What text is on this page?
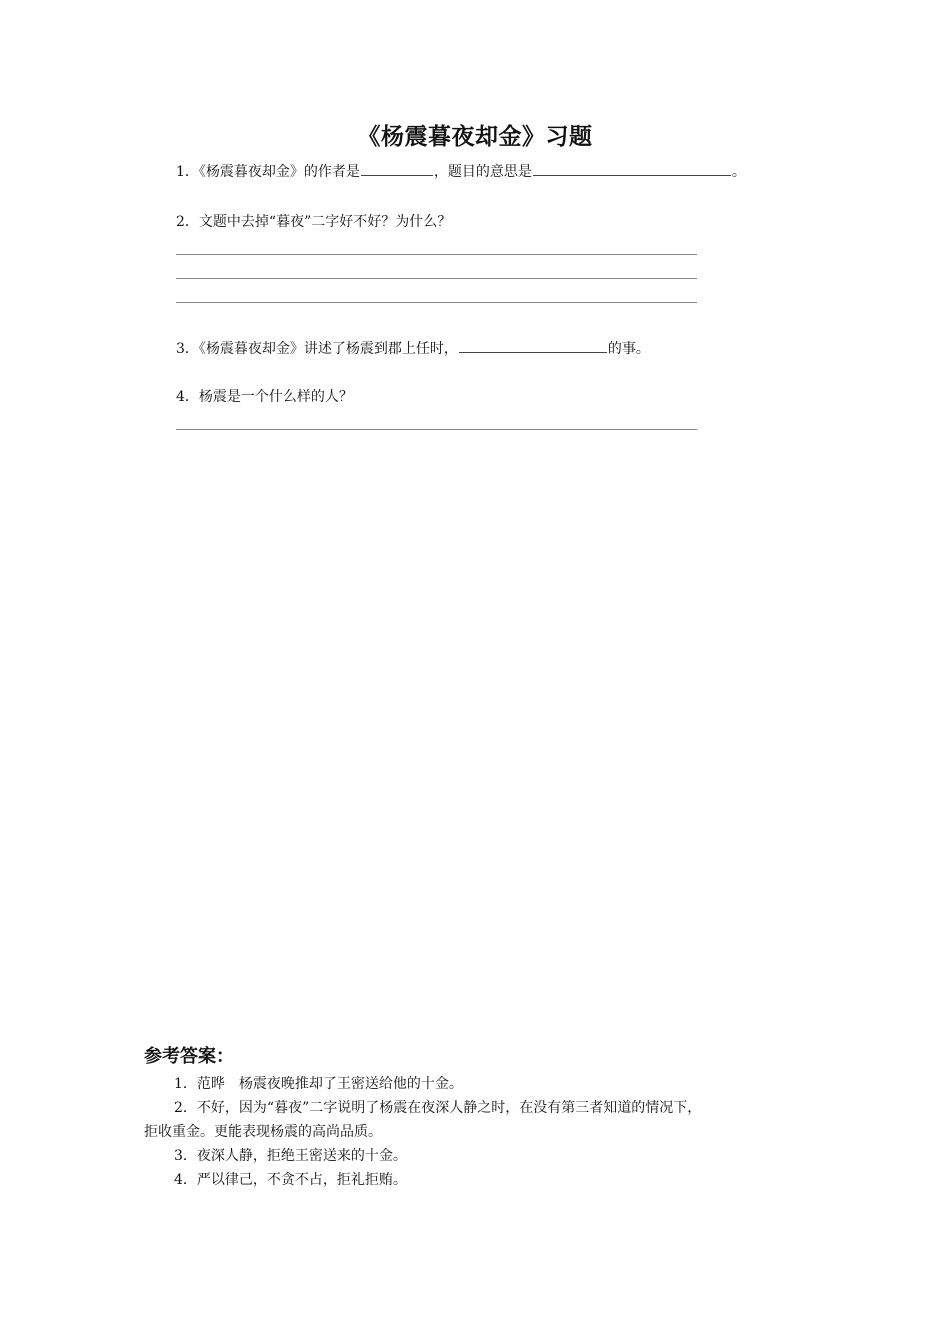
《杨震暮夜却金》习题
1．《杨震暮夜却金》的作者是	，题目的意思是	。
2．文题中去掉“暮夜”二字好不好？为什么？
3．《杨震暮夜却金》讲述了杨震到郡上任时，	的事。
4．杨震是一个什么样的人？
参考答案：
1．范晔　杨震夜晚推却了王密送给他的十金。
2．不好，因为“暮夜”二字说明了杨震在夜深人静之时，在没有第三者知道的情况下，
拒收重金。更能表现杨震的高尚品质。
3．夜深人静，拒绝王密送来的十金。
4．严以律己，不贪不占，拒礼拒贿。
